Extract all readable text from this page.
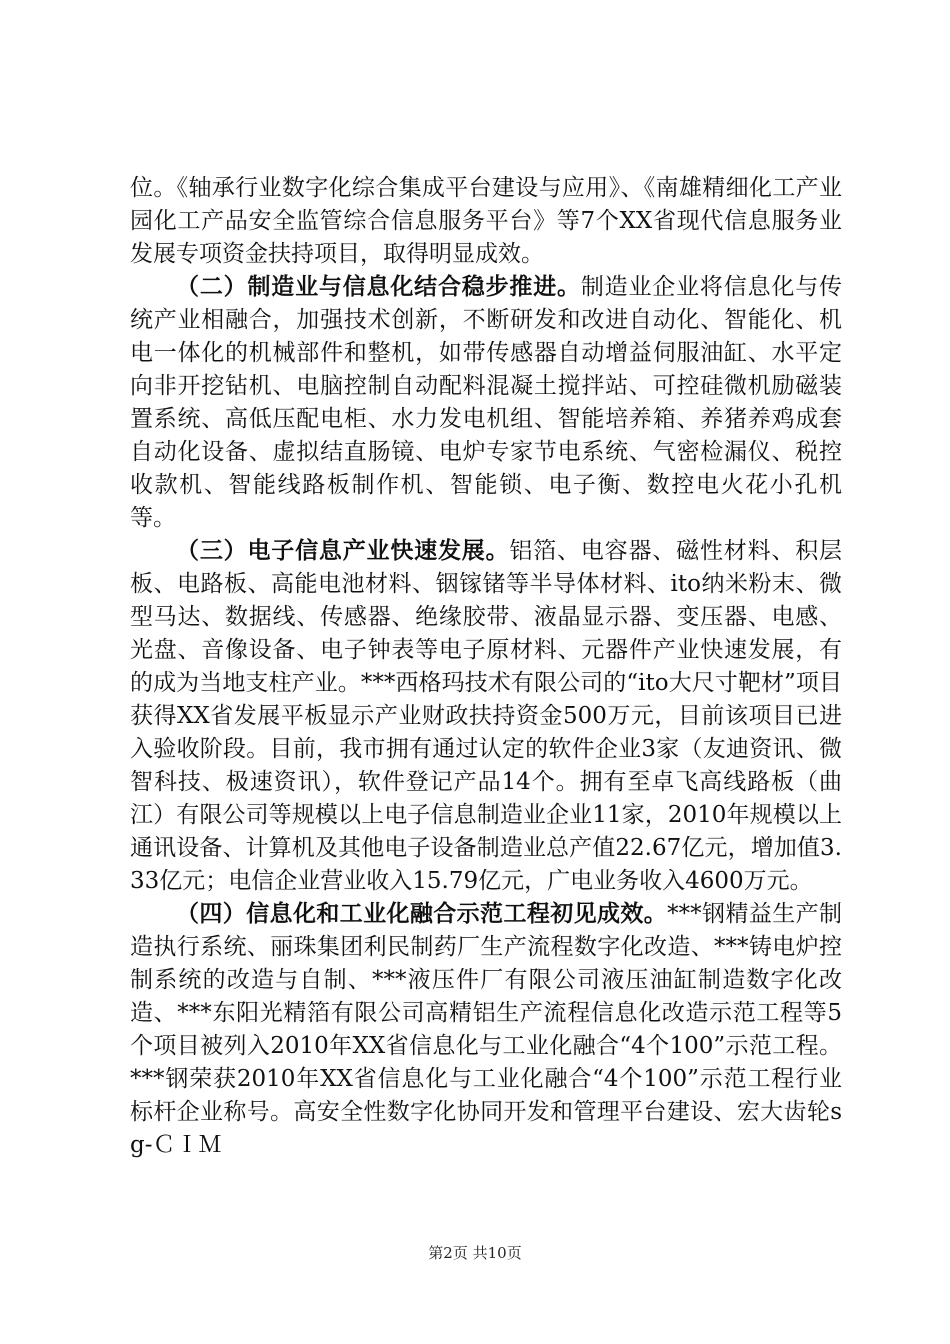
位。《轴承行业数字化综合集成平台建设与应用》、《南雄精细化工产业园化工产品安全监管综合信息服务平台》等7个XX省现代信息服务业发展专项资金扶持项目，取得明显成效。

（二）制造业与信息化结合稳步推进。制造业企业将信息化与传统产业相融合，加强技术创新，不断研发和改进自动化、智能化、机电一体化的机械部件和整机，如带传感器自动增益伺服油缸、水平定向非开挖钻机、电脑控制自动配料混凝土搅拌站、可控硅微机励磁装置系统、高低压配电柜、水力发电机组、智能培养箱、养猪养鸡成套自动化设备、虚拟结直肠镜、电炉专家节电系统、气密检漏仪、税控收款机、智能线路板制作机、智能锁、电子衡、数控电火花小孔机等。

（三）电子信息产业快速发展。铝箔、电容器、磁性材料、积层板、电路板、高能电池材料、铟镓锗等半导体材料、ito纳米粉末、微型马达、数据线、传感器、绝缘胶带、液晶显示器、变压器、电感、光盘、音像设备、电子钟表等电子原材料、元器件产业快速发展，有的成为当地支柱产业。***西格玛技术有限公司的“ito大尺寸靶材”项目获得XX省发展平板显示产业财政扶持资金500万元，目前该项目已进入验收阶段。目前，我市拥有通过认定的软件企业3家（友迪资讯、微智科技、极速资讯），软件登记产品14个。拥有至卓飞高线路板（曲江）有限公司等规模以上电子信息制造业企业11家，2010年规模以上通讯设备、计算机及其他电子设备制造业总产值22.67亿元，增加值3.33亿元；电信企业营业收入15.79亿元，广电业务收入4600万元。

（四）信息化和工业化融合示范工程初见成效。***钢精益生产制造执行系统、丽珠集团利民制药厂生产流程数字化改造、***铸电炉控制系统的改造与自制、***液压件厂有限公司液压油缸制造数字化改造、***东阳光精箔有限公司高精铝生产流程信息化改造示范工程等5个项目被列入2010年XX省信息化与工业化融合“4个100”示范工程。***钢荣获2010年XX省信息化与工业化融合“4个100”示范工程行业标杆企业称号。高安全性数字化协同开发和管理平台建设、宏大齿轮sg-ＣＩＭ

第2页 共10页
